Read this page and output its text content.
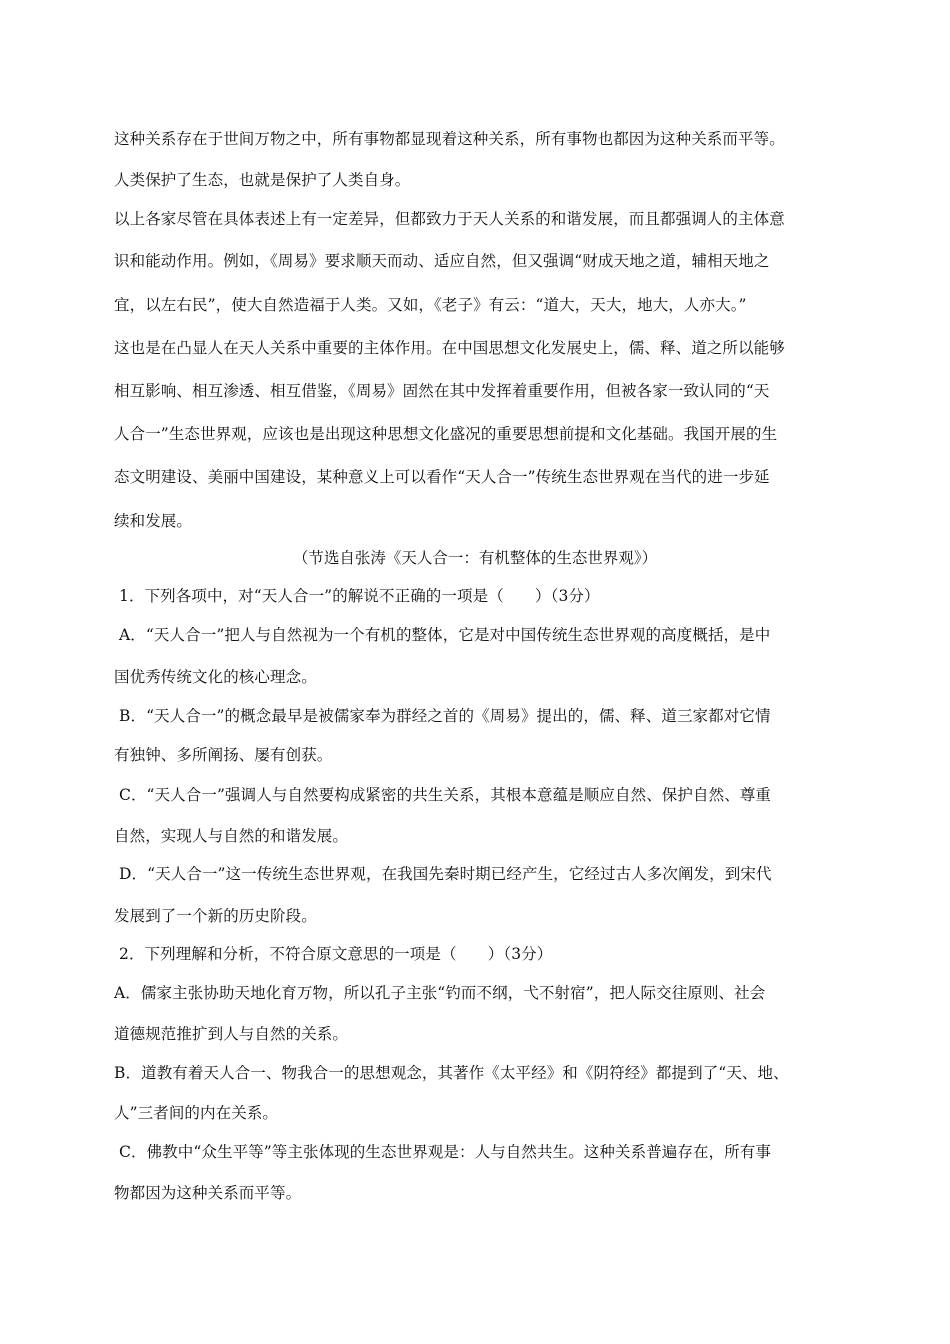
这种关系存在于世间万物之中，所有事物都显现着这种关系，所有事物也都因为这种关系而平等。
人类保护了生态，也就是保护了人类自身。
以上各家尽管在具体表述上有一定差异，但都致力于天人关系的和谐发展，而且都强调人的主体意
识和能动作用。例如，《周易》要求顺天而动、适应自然，但又强调“财成天地之道，辅相天地之
宜，以左右民”，使大自然造福于人类。又如，《老子》有云：“道大，天大，地大，人亦大。”
这也是在凸显人在天人关系中重要的主体作用。在中国思想文化发展史上，儒、释、道之所以能够
相互影响、相互渗透、相互借鉴，《周易》固然在其中发挥着重要作用，但被各家一致认同的“天
人合一”生态世界观，应该也是出现这种思想文化盛况的重要思想前提和文化基础。我国开展的生
态文明建设、美丽中国建设，某种意义上可以看作“天人合一”传统生态世界观在当代的进一步延
续和发展。
（节选自张涛《天人合一：有机整体的生态世界观》）
1．下列各项中，对“天人合一”的解说不正确的一项是（　　）（3分）
A．“天人合一”把人与自然视为一个有机的整体，它是对中国传统生态世界观的高度概括，是中
国优秀传统文化的核心理念。
B．“天人合一”的概念最早是被儒家奉为群经之首的《周易》提出的，儒、释、道三家都对它情
有独钟、多所阐扬、屡有创获。
C．“天人合一”强调人与自然要构成紧密的共生关系，其根本意蕴是顺应自然、保护自然、尊重
自然，实现人与自然的和谐发展。
D．“天人合一”这一传统生态世界观，在我国先秦时期已经产生，它经过古人多次阐发，到宋代
发展到了一个新的历史阶段。
2．下列理解和分析，不符合原文意思的一项是（　　）（3分）
A．儒家主张协助天地化育万物，所以孔子主张“钓而不纲，弋不射宿”，把人际交往原则、社会
道德规范推扩到人与自然的关系。
B．道教有着天人合一、物我合一的思想观念，其著作《太平经》和《阴符经》都提到了“天、地、
人”三者间的内在关系。
C．佛教中“众生平等”等主张体现的生态世界观是：人与自然共生。这种关系普遍存在，所有事
物都因为这种关系而平等。
